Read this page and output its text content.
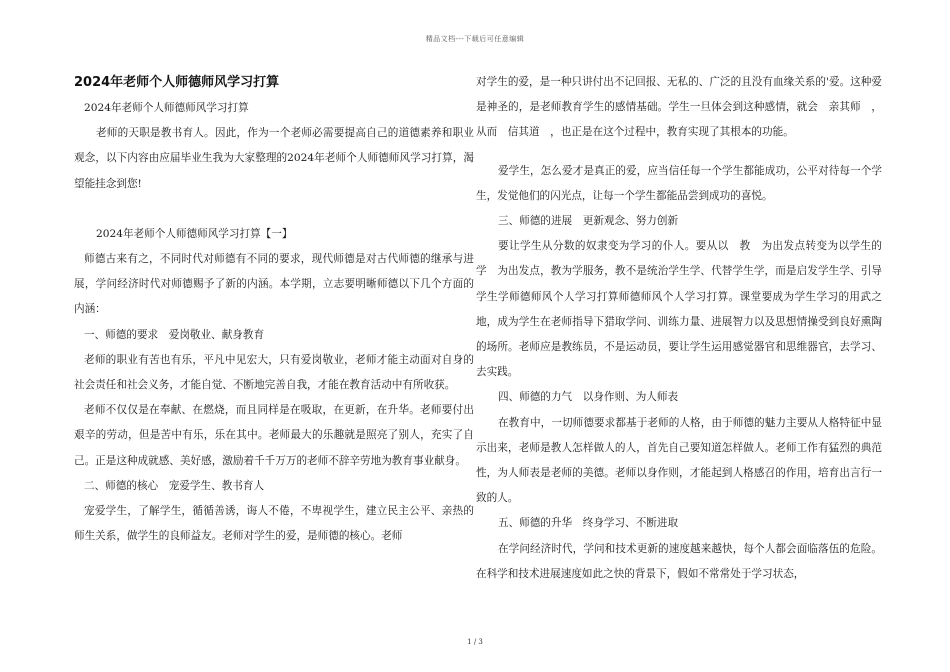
精品文档---下载后可任意编辑
2024年老师个人师德师风学习打算

2024年老师个人师德师风学习打算

老师的天职是教书育人。因此，作为一个老师必需要提高自己的道德素养和职业观念，以下内容由应届毕业生我为大家整理的2024年老师个人师德师风学习打算，渴望能挂念到您!

2024年老师个人师德师风学习打算【一】

师德古来有之，不同时代对师德有不同的要求，现代师德是对古代师德的继承与进展，学问经济时代对师德赐予了新的内涵。本学期，立志要明晰师德以下几个方面的内涵：

一、师德的要求　爱岗敬业、献身教育

老师的职业有苦也有乐，平凡中见宏大，只有爱岗敬业，老师才能主动面对自身的社会责任和社会义务，才能自觉、不断地完善自我，才能在教育活动中有所收获。

老师不仅仅是在奉献、在燃烧，而且同样是在吸取，在更新，在升华。老师要付出艰辛的劳动，但是苦中有乐，乐在其中。老师最大的乐趣就是照亮了别人，充实了自己。正是这种成就感、美好感，激励着千千万万的老师不辞辛劳地为教育事业献身。

二、师德的核心　宠爱学生、教书育人

宠爱学生，了解学生，循循善诱，诲人不倦，不卑视学生，建立民主公平、亲热的师生关系，做学生的良师益友。老师对学生的爱，是师德的核心。老师

对学生的爱，是一种只讲付出不记回报、无私的、广泛的且没有血缘关系的'爱。这种爱是神圣的，是老师教育学生的感情基础。学生一旦体会到这种感情，就会　亲其师　，从而　信其道　，也正是在这个过程中，教育实现了其根本的功能。

爱学生，怎么爱才是真正的爱，应当信任每一个学生都能成功，公平对待每一个学生，发觉他们的闪光点，让每一个学生都能品尝到成功的喜悦。

三、师德的进展　更新观念、努力创新

要让学生从分数的奴隶变为学习的仆人。要从以　教　为出发点转变为以学生的　学　为出发点，教为学服务，教不是统治学生学、代替学生学，而是启发学生学、引导学生学师德师风个人学习打算师德师风个人学习打算。课堂要成为学生学习的用武之地，成为学生在老师指导下猎取学问、训练力量、进展智力以及思想情操受到良好熏陶的场所。老师应是教练员，不是运动员，要让学生运用感觉器官和思维器官，去学习、去实践。

四、师德的力气　以身作则、为人师表

在教育中，一切师德要求都基于老师的人格，由于师德的魅力主要从人格特征中显示出来，老师是教人怎样做人的人，首先自己要知道怎样做人。老师工作有猛烈的典范性，为人师表是老师的美德。老师以身作则，才能起到人格感召的作用，培育出言行一致的人。

五、师德的升华　终身学习、不断进取

在学问经济时代，学问和技术更新的速度越来越快，每个人都会面临落伍的危险。在科学和技术进展速度如此之快的背景下，假如不常常处于学习状态，

1 / 3
